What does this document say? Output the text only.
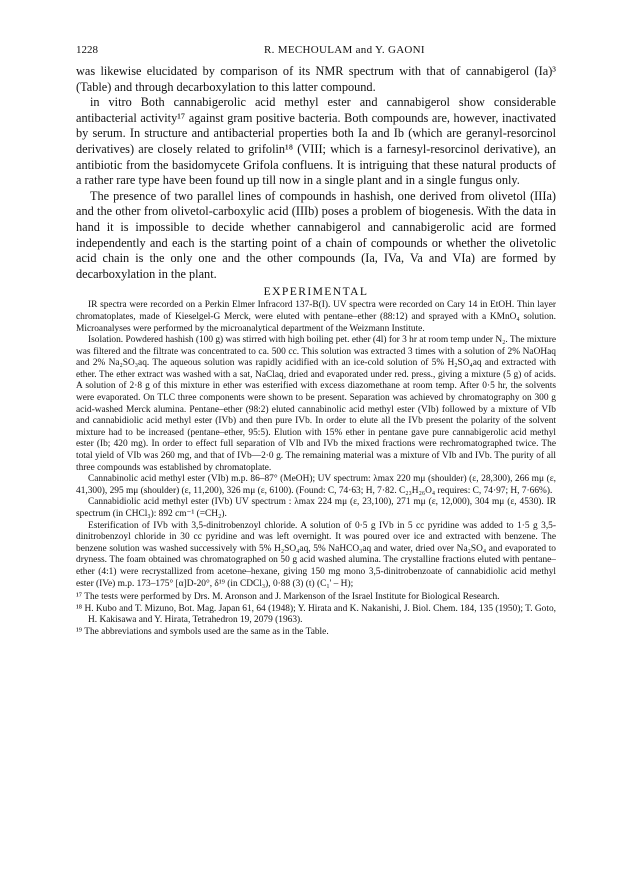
1228	R. MECHOULAM and Y. GAONI

was likewise elucidated by comparison of its NMR spectrum with that of cannabigerol (Ia)³ (Table) and through decarboxylation to this latter compound.

in vitro Both cannabigerolic acid methyl ester and cannabigerol show considerable antibacterial activity¹⁷ against gram positive bacteria. Both compounds are, however, inactivated by serum. In structure and antibacterial properties both Ia and Ib (which are geranyl-resorcinol derivatives) are closely related to grifolin¹⁸ (VIII; which is a farnesyl-resorcinol derivative), an antibiotic from the basidomycete Grifola confluens. It is intriguing that these natural products of a rather rare type have been found up till now in a single plant and in a single fungus only.

The presence of two parallel lines of compounds in hashish, one derived from olivetol (IIIa) and the other from olivetol-carboxylic acid (IIIb) poses a problem of biogenesis. With the data in hand it is impossible to decide whether cannabigerol and cannabigerolic acid are formed independently and each is the starting point of a chain of compounds or whether the olivetolic acid chain is the only one and the other compounds (Ia, IVa, Va and VIa) are formed by decarboxylation in the plant.

EXPERIMENTAL

IR spectra were recorded on a Perkin Elmer Infracord 137-B(I). UV spectra were recorded on Cary 14 in EtOH. Thin layer chromatoplates, made of Kieselgel-G Merck, were eluted with pentane–ether (88:12) and sprayed with a KMnO₄ solution. Microanalyses were performed by the microanalytical department of the Weizmann Institute.

Isolation. Powdered hashish (100 g) was stirred with high boiling pet. ether (4l) for 3 hr at room temp under N₂. The mixture was filtered and the filtrate was concentrated to ca. 500 cc. This solution was extracted 3 times with a solution of 2% NaOHaq and 2% Na₂SO₃aq. The aqueous solution was rapidly acidified with an ice-cold solution of 5% H₂SO₄aq and extracted with ether. The ether extract was washed with a sat, NaClaq, dried and evaporated under red. press., giving a mixture (5 g) of acids. A solution of 2·8 g of this mixture in ether was esterified with excess diazomethane at room temp. After 0·5 hr, the solvents were evaporated. On TLC three components were shown to be present. Separation was achieved by chromatography on 300 g acid-washed Merck alumina. Pentane–ether (98:2) eluted cannabinolic acid methyl ester (VIb) followed by a mixture of VIb and cannabidiolic acid methyl ester (IVb) and then pure IVb. In order to elute all the IVb present the polarity of the solvent mixture had to be increased (pentane–ether, 95:5). Elution with 15% ether in pentane gave pure cannabigerolic acid methyl ester (Ib; 420 mg). In order to effect full separation of VIb and IVb the mixed fractions were rechromatographed twice. The total yield of VIb was 260 mg, and that of IVb—2·0 g. The remaining material was a mixture of VIb and IVb. The purity of all three compounds was established by chromatoplate.

Cannabinolic acid methyl ester (VIb) m.p. 86–87° (MeOH); UV spectrum: λmax 220 mμ (shoulder) (ε, 28,300), 266 mμ (ε, 41,300), 295 mμ (shoulder) (ε, 11,200), 326 mμ (ε, 6100). (Found: C, 74·63; H, 7·82. C₂₃H₂₆O₄ requires: C, 74·97; H, 7·66%).

Cannabidiolic acid methyl ester (IVb) UV spectrum : λmax 224 mμ (ε, 23,100), 271 mμ (ε, 12,000), 304 mμ (ε, 4530). IR spectrum (in CHCl₃): 892 cm⁻¹ (=CH₂).

Esterification of IVb with 3,5-dinitrobenzoyl chloride. A solution of 0·5 g IVb in 5 cc pyridine was added to 1·5 g 3,5-dinitrobenzoyl chloride in 30 cc pyridine and was left overnight. It was poured over ice and extracted with benzene. The benzene solution was washed successively with 5% H₂SO₄aq, 5% NaHCO₃aq and water, dried over Na₂SO₄ and evaporated to dryness. The foam obtained was chromatographed on 50 g acid washed alumina. The crystalline fractions eluted with pentane–ether (4:1) were recrystallized from acetone–hexane, giving 150 mg mono 3,5-dinitrobenzoate of cannabidiolic acid methyl ester (IVe) m.p. 173–175° [α]D-20°, δ¹⁹ (in CDCl₃), 0·88 (3) (t) (C₁' – H);

¹⁷ The tests were performed by Drs. M. Aronson and J. Markenson of the Israel Institute for Biological Research.
¹⁸ H. Kubo and T. Mizuno, Bot. Mag. Japan 61, 64 (1948); Y. Hirata and K. Nakanishi, J. Biol. Chem. 184, 135 (1950); T. Goto, H. Kakisawa and Y. Hirata, Tetrahedron 19, 2079 (1963).
¹⁹ The abbreviations and symbols used are the same as in the Table.
